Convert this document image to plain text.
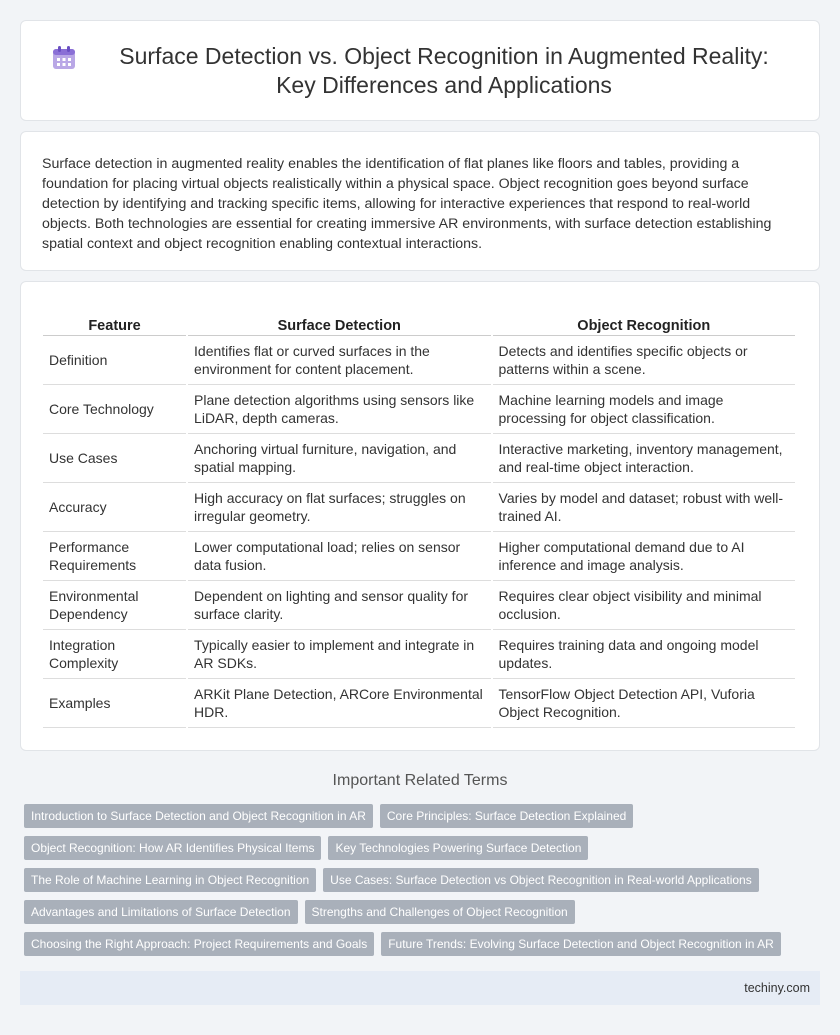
Surface Detection vs. Object Recognition in Augmented Reality: Key Differences and Applications

Surface detection in augmented reality enables the identification of flat planes like floors and tables, providing a foundation for placing virtual objects realistically within a physical space. Object recognition goes beyond surface detection by identifying and tracking specific items, allowing for interactive experiences that respond to real-world objects. Both technologies are essential for creating immersive AR environments, with surface detection establishing spatial context and object recognition enabling contextual interactions.

Feature	Surface Detection	Object Recognition
Definition	Identifies flat or curved surfaces in the environment for content placement.	Detects and identifies specific objects or patterns within a scene.
Core Technology	Plane detection algorithms using sensors like LiDAR, depth cameras.	Machine learning models and image processing for object classification.
Use Cases	Anchoring virtual furniture, navigation, and spatial mapping.	Interactive marketing, inventory management, and real-time object interaction.
Accuracy	High accuracy on flat surfaces; struggles on irregular geometry.	Varies by model and dataset; robust with well-trained AI.
Performance Requirements	Lower computational load; relies on sensor data fusion.	Higher computational demand due to AI inference and image analysis.
Environmental Dependency	Dependent on lighting and sensor quality for surface clarity.	Requires clear object visibility and minimal occlusion.
Integration Complexity	Typically easier to implement and integrate in AR SDKs.	Requires training data and ongoing model updates.
Examples	ARKit Plane Detection, ARCore Environmental HDR.	TensorFlow Object Detection API, Vuforia Object Recognition.
Important Related Terms
Introduction to Surface Detection and Object Recognition in AR	Core Principles: Surface Detection Explained
Object Recognition: How AR Identifies Physical Items	Key Technologies Powering Surface Detection
The Role of Machine Learning in Object Recognition	Use Cases: Surface Detection vs Object Recognition in Real-world Applications
Advantages and Limitations of Surface Detection	Strengths and Challenges of Object Recognition
Choosing the Right Approach: Project Requirements and Goals	Future Trends: Evolving Surface Detection and Object Recognition in AR
techiny.com
